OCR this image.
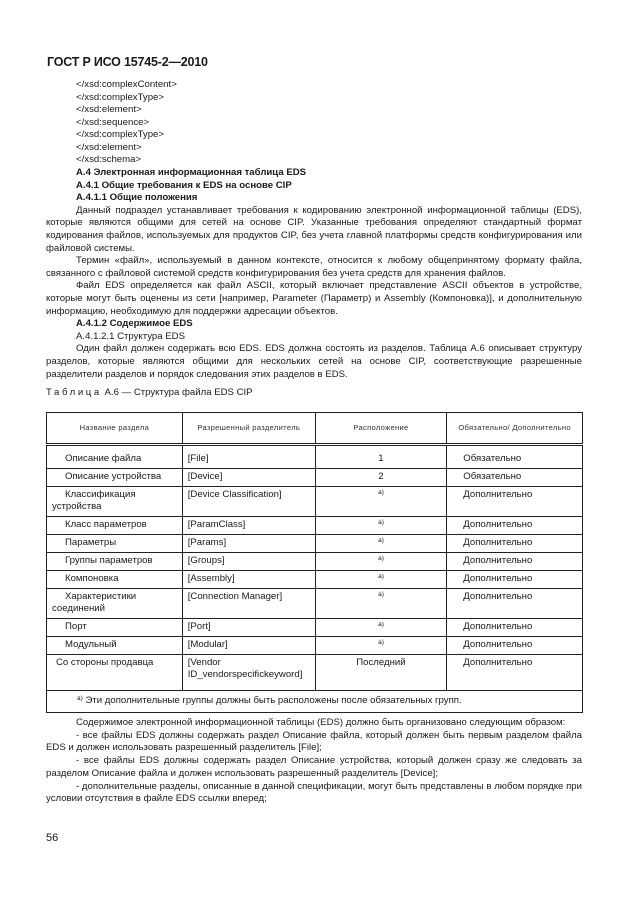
ГОСТ Р ИСО 15745-2—2010
</xsd:complexContent>
</xsd:complexType>
</xsd:element>
</xsd:sequence>
</xsd:complexType>
</xsd:element>
</xsd:schema>
А.4 Электронная информационная таблица EDS
А.4.1 Общие требования к EDS на основе CIP
А.4.1.1 Общие положения
Данный подраздел устанавливает требования к кодированию электронной информационной таблицы (EDS), которые являются общими для сетей на основе CIP. Указанные требования определяют стандартный формат кодирования файлов, используемых для продуктов CIP, без учета главной платформы средств конфигурирования или файловой системы.
Термин «файл», используемый в данном контексте, относится к любому общепринятому формату файла, связанного с файловой системой средств конфигурирования без учета средств для хранения файлов.
Файл EDS определяется как файл ASCII, который включает представление ASCII объектов в устройстве, которые могут быть оценены из сети [например, Parameter (Параметр) и Assembly (Компоновка)], и дополнительную информацию, необходимую для поддержки адресации объектов.
А.4.1.2 Содержимое EDS
А.4.1.2.1 Структура EDS
Один файл должен содержать всю EDS. EDS должна состоять из разделов. Таблица А.6 описывает структуру разделов, которые являются общими для нескольких сетей на основе CIP, соответствующие разрешенные разделители разделов и порядок следования этих разделов в EDS.
Таблица А.6 — Структура файла EDS CIP
Название раздела	Разрешенный разделитель	Расположение	Обязательно/ Дополнительно
Описание файла	[File]	1	Обязательно
Описание устройства	[Device]	2	Обязательно
Классификация устройства	[Device Classification]	$^{а)}$	Дополнительно
Класс параметров	[ParamClass]	$^{а)}$	Дополнительно
Параметры	[Params]	$^{а)}$	Дополнительно
Группы параметров	[Groups]	$^{а)}$	Дополнительно
Компоновка	[Assembly]	$^{а)}$	Дополнительно
Характеристики соединений	[Connection Manager]	$^{а)}$	Дополнительно
Порт	[Port]	$^{а)}$	Дополнительно
Модульный	[Modular]	$^{а)}$	Дополнительно
Со стороны продавца	[Vendor ID_vendorspecifickeyword]	Последний	Дополнительно
$^{а)}$ Эти дополнительные группы должны быть расположены после обязательных групп.			
Содержимое электронной информационной таблицы (EDS) должно быть организовано следующим образом:
- все файлы EDS должны содержать раздел Описание файла, который должен быть первым разделом файла EDS и должен использовать разрешенный разделитель [File];
- все файлы EDS должны содержать раздел Описание устройства, который должен сразу же следовать за разделом Описание файла и должен использовать разрешенный разделитель [Device];
- дополнительные разделы, описанные в данной спецификации, могут быть представлены в любом порядке при условии отсутствия в файле EDS ссылки вперед;
56
